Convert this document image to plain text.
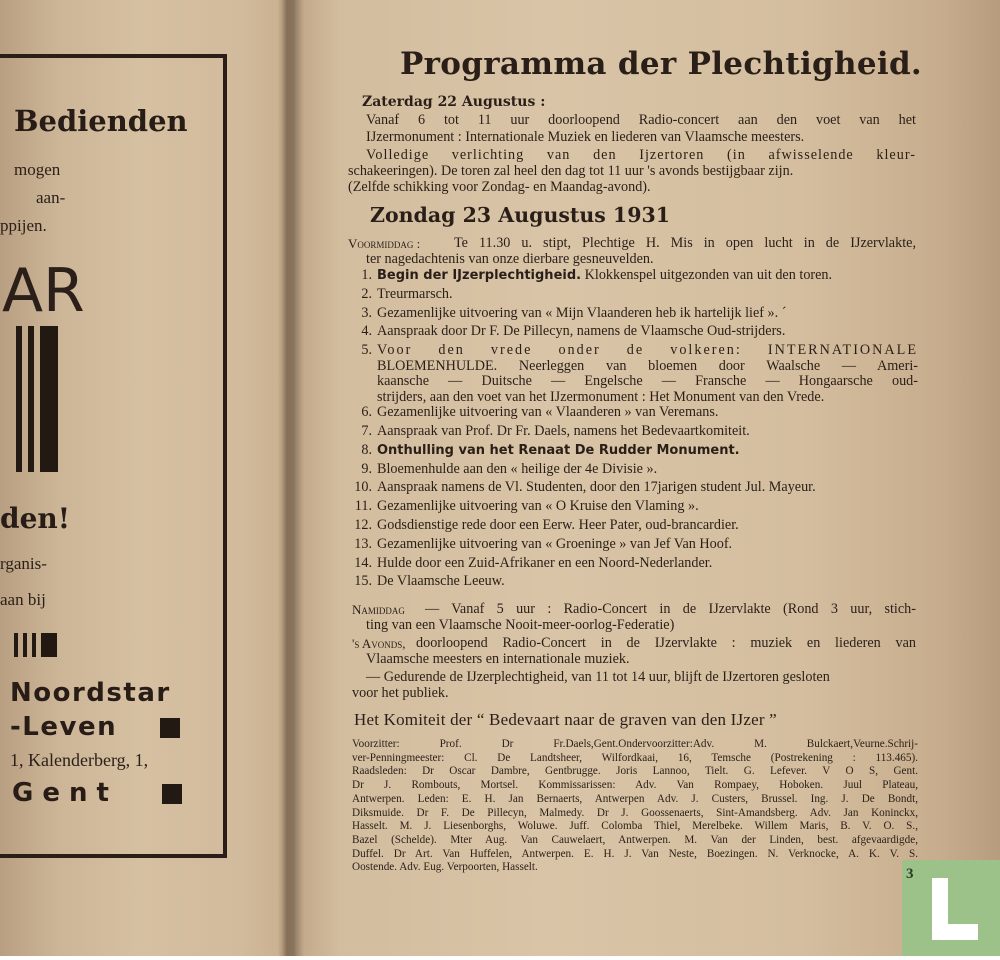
Bedienden
mogen
aan-
ppijen.
AR
den!
rganis-
aan bij
Noordstar
-Leven
1, Kalenderberg, 1,
Gent
Programma der Plechtigheid.
Zaterdag 22 Augustus :
Vanaf 6 tot 11 uur doorloopend Radio-concert aan den voet van het
IJzermonument : Internationale Muziek en liederen van Vlaamsche meesters.
Volledige verlichting van den Ijzertoren (in afwisselende kleur-
schakeeringen). De toren zal heel den dag tot 11 uur 's avonds bestijgbaar zijn.
(Zelfde schikking voor Zondag- en Maandag-avond).
Zondag 23 Augustus 1931
Voormiddag : Te 11.30 u. stipt, Plechtige H. Mis in open lucht in de IJzervlakte,
ter nagedachtenis van onze dierbare gesneuvelden.
1. Begin der IJzerplechtigheid. Klokkenspel uitgezonden van uit den toren.
2. Treurmarsch.
3. Gezamenlijke uitvoering van « Mijn Vlaanderen heb ik hartelijk lief ». ´
4. Aanspraak door Dr F. De Pillecyn, namens de Vlaamsche Oud-strijders.
5. Voor den vrede onder de volkeren: INTERNATIONALE
BLOEMENHULDE. Neerleggen van bloemen door Waalsche — Ameri-
kaansche — Duitsche — Engelsche — Fransche — Hongaarsche oud-
strijders, aan den voet van het IJzermonument : Het Monument van den Vrede.
6. Gezamenlijke uitvoering van « Vlaanderen » van Veremans.
7. Aanspraak van Prof. Dr Fr. Daels, namens het Bedevaartkomiteit.
8. Onthulling van het Renaat De Rudder Monument.
9. Bloemenhulde aan den « heilige der 4e Divisie ».
10. Aanspraak namens de Vl. Studenten, door den 17jarigen student Jul. Mayeur.
11. Gezamenlijke uitvoering van « O Kruise den Vlaming ».
12. Godsdienstige rede door een Eerw. Heer Pater, oud-brancardier.
13. Gezamenlijke uitvoering van « Groeninge » van Jef Van Hoof.
14. Hulde door een Zuid-Afrikaner en een Noord-Nederlander.
15. De Vlaamsche Leeuw.
Namiddag — Vanaf 5 uur : Radio-Concert in de IJzervlakte (Rond 3 uur, stich-
ting van een Vlaamsche Nooit-meer-oorlog-Federatie)
's Avonds, doorloopend Radio-Concert in de IJzervlakte : muziek en liederen van
Vlaamsche meesters en internationale muziek.
— Gedurende de IJzerplechtigheid, van 11 tot 14 uur, blijft de IJzertoren gesloten
voor het publiek.
Het Komiteit der “ Bedevaart naar de graven van den IJzer ”
Voorzitter: Prof. Dr Fr.Daels,Gent.Ondervoorzitter:Adv. M. Bulckaert,Veurne.Schrij-
ver-Penningmeester: Cl. De Landtsheer, Wilfordkaai, 16, Temsche (Postrekening : 113.465).
Raadsleden: Dr Oscar Dambre, Gentbrugge. Joris Lannoo, Tielt. G. Lefever. V O S, Gent.
Dr J. Rombouts, Mortsel. Kommissarissen: Adv. Van Rompaey, Hoboken. Juul Plateau,
Antwerpen. Leden: E. H. Jan Bernaerts, Antwerpen Adv. J. Custers, Brussel. Ing. J. De Bondt,
Diksmuide. Dr F. De Pillecyn, Malmedy. Dr J. Goossenaerts, Sint-Amandsberg. Adv. Jan Koninckx,
Hasselt. M. J. Liesenborghs, Woluwe. Juff. Colomba Thiel, Merelbeke. Willem Maris, B. V. O. S.,
Bazel (Schelde). Mter Aug. Van Cauwelaert, Antwerpen. M. Van der Linden, best. afgevaardigde,
Duffel. Dr Art. Van Huffelen, Antwerpen. E. H. J. Van Neste, Boezingen. N. Verknocke, A. K. V. S.
Oostende. Adv. Eug. Verpoorten, Hasselt.	3
